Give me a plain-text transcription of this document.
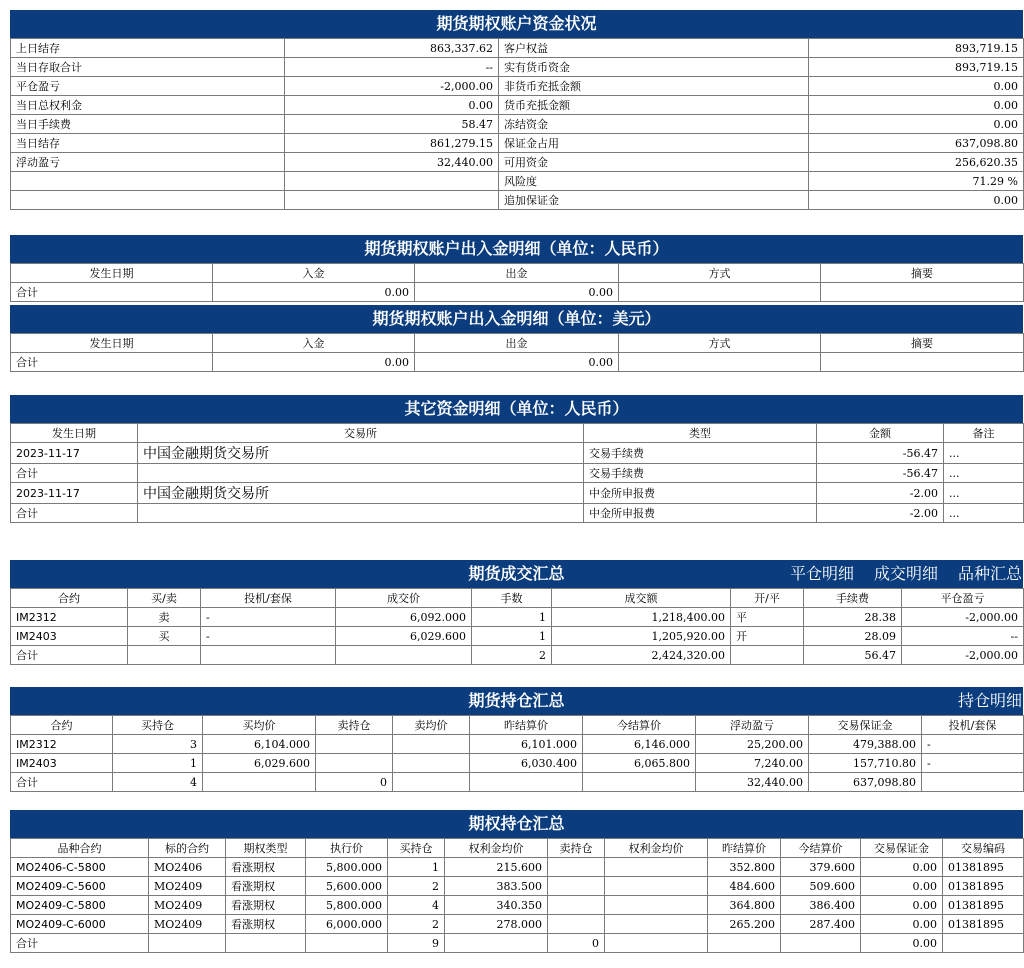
期货期权账户资金状况
上日结存	863,337.62	客户权益	893,719.15
当日存取合计	--	实有货币资金	893,719.15
平仓盈亏	-2,000.00	非货币充抵金额	0.00
当日总权利金	0.00	货币充抵金额	0.00
当日手续费	58.47	冻结资金	0.00
当日结存	861,279.15	保证金占用	637,098.80
浮动盈亏	32,440.00	可用资金	256,620.35
		风险度	71.29 %
		追加保证金	0.00
期货期权账户出入金明细（单位：人民币）
发生日期	入金	出金	方式	摘要
合计	0.00	0.00		
期货期权账户出入金明细（单位：美元）
发生日期	入金	出金	方式	摘要
合计	0.00	0.00		
其它资金明细（单位：人民币）
发生日期	交易所	类型	金额	备注
2023-11-17	中国金融期货交易所	交易手续费	-56.47	...
合计		交易手续费	-56.47	...
2023-11-17	中国金融期货交易所	中金所申报费	-2.00	...
合计		中金所申报费	-2.00	...
期货成交汇总	平仓明细 成交明细 品种汇总
合约	买/卖	投机/套保	成交价	手数	成交额	开/平	手续费	平仓盈亏
IM2312	卖	-	6,092.000	1	1,218,400.00	平	28.38	-2,000.00
IM2403	买	-	6,029.600	1	1,205,920.00	开	28.09	--
合计				2	2,424,320.00		56.47	-2,000.00
期货持仓汇总	持仓明细
合约	买持仓	买均价	卖持仓	卖均价	昨结算价	今结算价	浮动盈亏	交易保证金	投机/套保
IM2312	3	6,104.000			6,101.000	6,146.000	25,200.00	479,388.00	-
IM2403	1	6,029.600			6,030.400	6,065.800	7,240.00	157,710.80	-
合计	4		0				32,440.00	637,098.80	
期权持仓汇总
品种合约	标的合约	期权类型	执行价	买持仓	权利金均价	卖持仓	权利金均价	昨结算价	今结算价	交易保证金	交易编码
MO2406-C-5800	MO2406	看涨期权	5,800.000	1	215.600			352.800	379.600	0.00	01381895
MO2409-C-5600	MO2409	看涨期权	5,600.000	2	383.500			484.600	509.600	0.00	01381895
MO2409-C-5800	MO2409	看涨期权	5,800.000	4	340.350			364.800	386.400	0.00	01381895
MO2409-C-6000	MO2409	看涨期权	6,000.000	2	278.000			265.200	287.400	0.00	01381895
合计				9		0				0.00	
